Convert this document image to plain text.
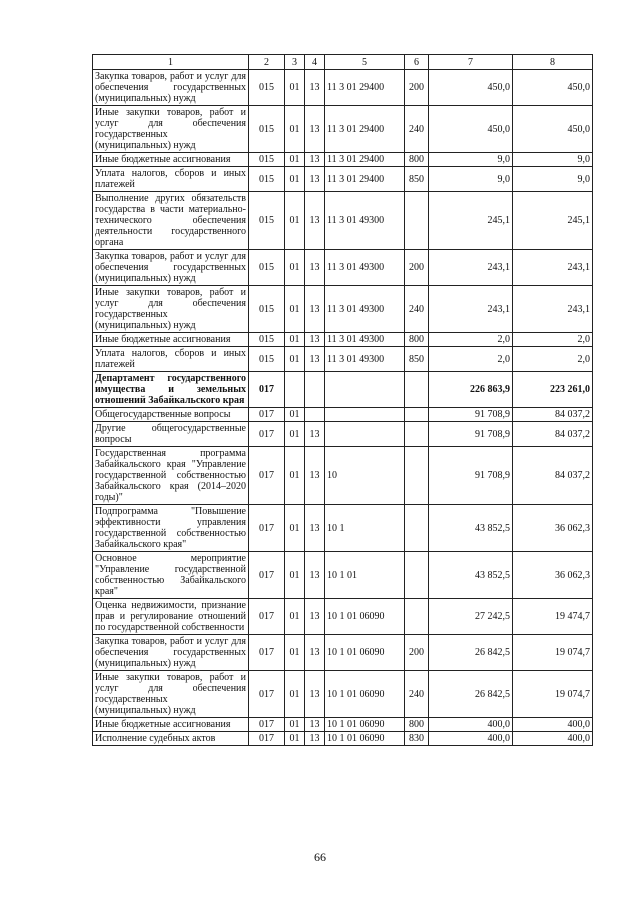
1	2	3	4	5	6	7	8
Закупка товаров, работ и услуг для обеспечения государственных (муниципальных) нужд	015	01	13	11 3 01 29400	200	450,0	450,0
Иные закупки товаров, работ и услуг для обеспечения государственных (муниципальных) нужд	015	01	13	11 3 01 29400	240	450,0	450,0
Иные бюджетные ассигнования	015	01	13	11 3 01 29400	800	9,0	9,0
Уплата налогов, сборов и иных платежей	015	01	13	11 3 01 29400	850	9,0	9,0
Выполнение других обязательств государства в части материально-технического обеспечения деятельности государственного органа	015	01	13	11 3 01 49300		245,1	245,1
Закупка товаров, работ и услуг для обеспечения государственных (муниципальных) нужд	015	01	13	11 3 01 49300	200	243,1	243,1
Иные закупки товаров, работ и услуг для обеспечения государственных (муниципальных) нужд	015	01	13	11 3 01 49300	240	243,1	243,1
Иные бюджетные ассигнования	015	01	13	11 3 01 49300	800	2,0	2,0
Уплата налогов, сборов и иных платежей	015	01	13	11 3 01 49300	850	2,0	2,0
Департамент государственного имущества и земельных отношений Забайкальского края	017					226 863,9	223 261,0
Общегосударственные вопросы	017	01				91 708,9	84 037,2
Другие общегосударственные вопросы	017	01	13			91 708,9	84 037,2
Государственная программа Забайкальского края "Управление государственной собственностью Забайкальского края (2014–2020 годы)"	017	01	13	10		91 708,9	84 037,2
Подпрограмма "Повышение эффективности управления государственной собственностью Забайкальского края"	017	01	13	10 1		43 852,5	36 062,3
Основное мероприятие "Управление государственной собственностью Забайкальского края"	017	01	13	10 1 01		43 852,5	36 062,3
Оценка недвижимости, признание прав и регулирование отношений по государственной собственности	017	01	13	10 1 01 06090		27 242,5	19 474,7
Закупка товаров, работ и услуг для обеспечения государственных (муниципальных) нужд	017	01	13	10 1 01 06090	200	26 842,5	19 074,7
Иные закупки товаров, работ и услуг для обеспечения государственных (муниципальных) нужд	017	01	13	10 1 01 06090	240	26 842,5	19 074,7
Иные бюджетные ассигнования	017	01	13	10 1 01 06090	800	400,0	400,0
Исполнение судебных актов	017	01	13	10 1 01 06090	830	400,0	400,0
66
